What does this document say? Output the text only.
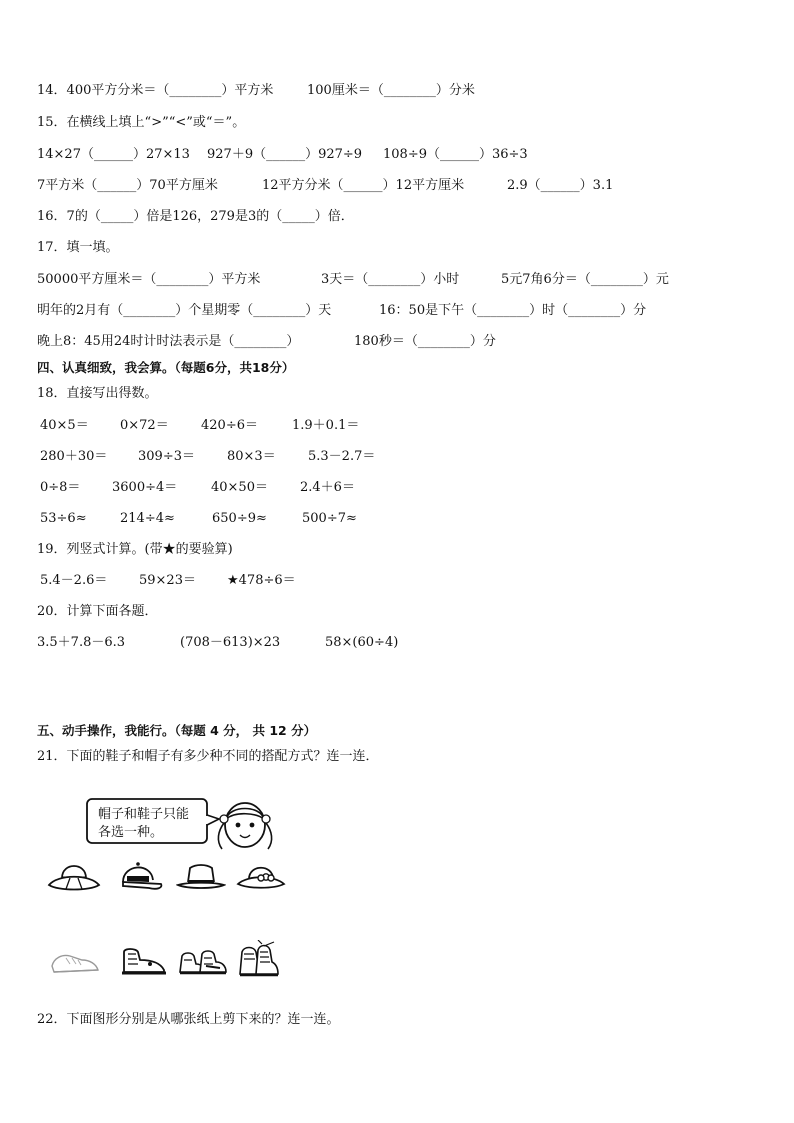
14．400平方分米＝（________）平方米	100厘米＝（________）分米
15．在横线上填上“>”“<”或“＝”。
14×27（______）27×13 927＋9（______）927÷9 108÷9（______）36÷3
7平方米（______）70平方厘米	12平方分米（______）12平方厘米	2.9（______）3.1
16．7的（_____）倍是126，279是3的（_____）倍．
17．填一填。
50000平方厘米＝（________）平方米	3天＝（________）小时	5元7角6分＝（________）元
明年的2月有（________）个星期零（________）天	16：50是下午（________）时（________）分
晚上8：45用24时计时法表示是（________）	180秒＝（________）分
四、认真细致，我会算。（每题6分，共18分）
18．直接写出得数。
40×5＝ 0×72＝ 420÷6＝	1.9＋0.1＝
280＋30＝ 309÷3＝ 80×3＝ 5.3－2.7＝
0÷8＝ 3600÷4＝	40×50＝ 2.4＋6＝
53÷6≈	214÷4≈	650÷9≈	500÷7≈
19．列竖式计算。(带★的要验算)
5.4－2.6＝ 59×23＝ ★478÷6＝
20．计算下面各题．
3.5＋7.8－6.3	(708－613)×23	58×(60÷4)
五、动手操作，我能行。（每题 4 分， 共 12 分）
21．下面的鞋子和帽子有多少种不同的搭配方式？连一连．
帽子和鞋子只能
各选一种。
22．下面图形分别是从哪张纸上剪下来的？连一连。
